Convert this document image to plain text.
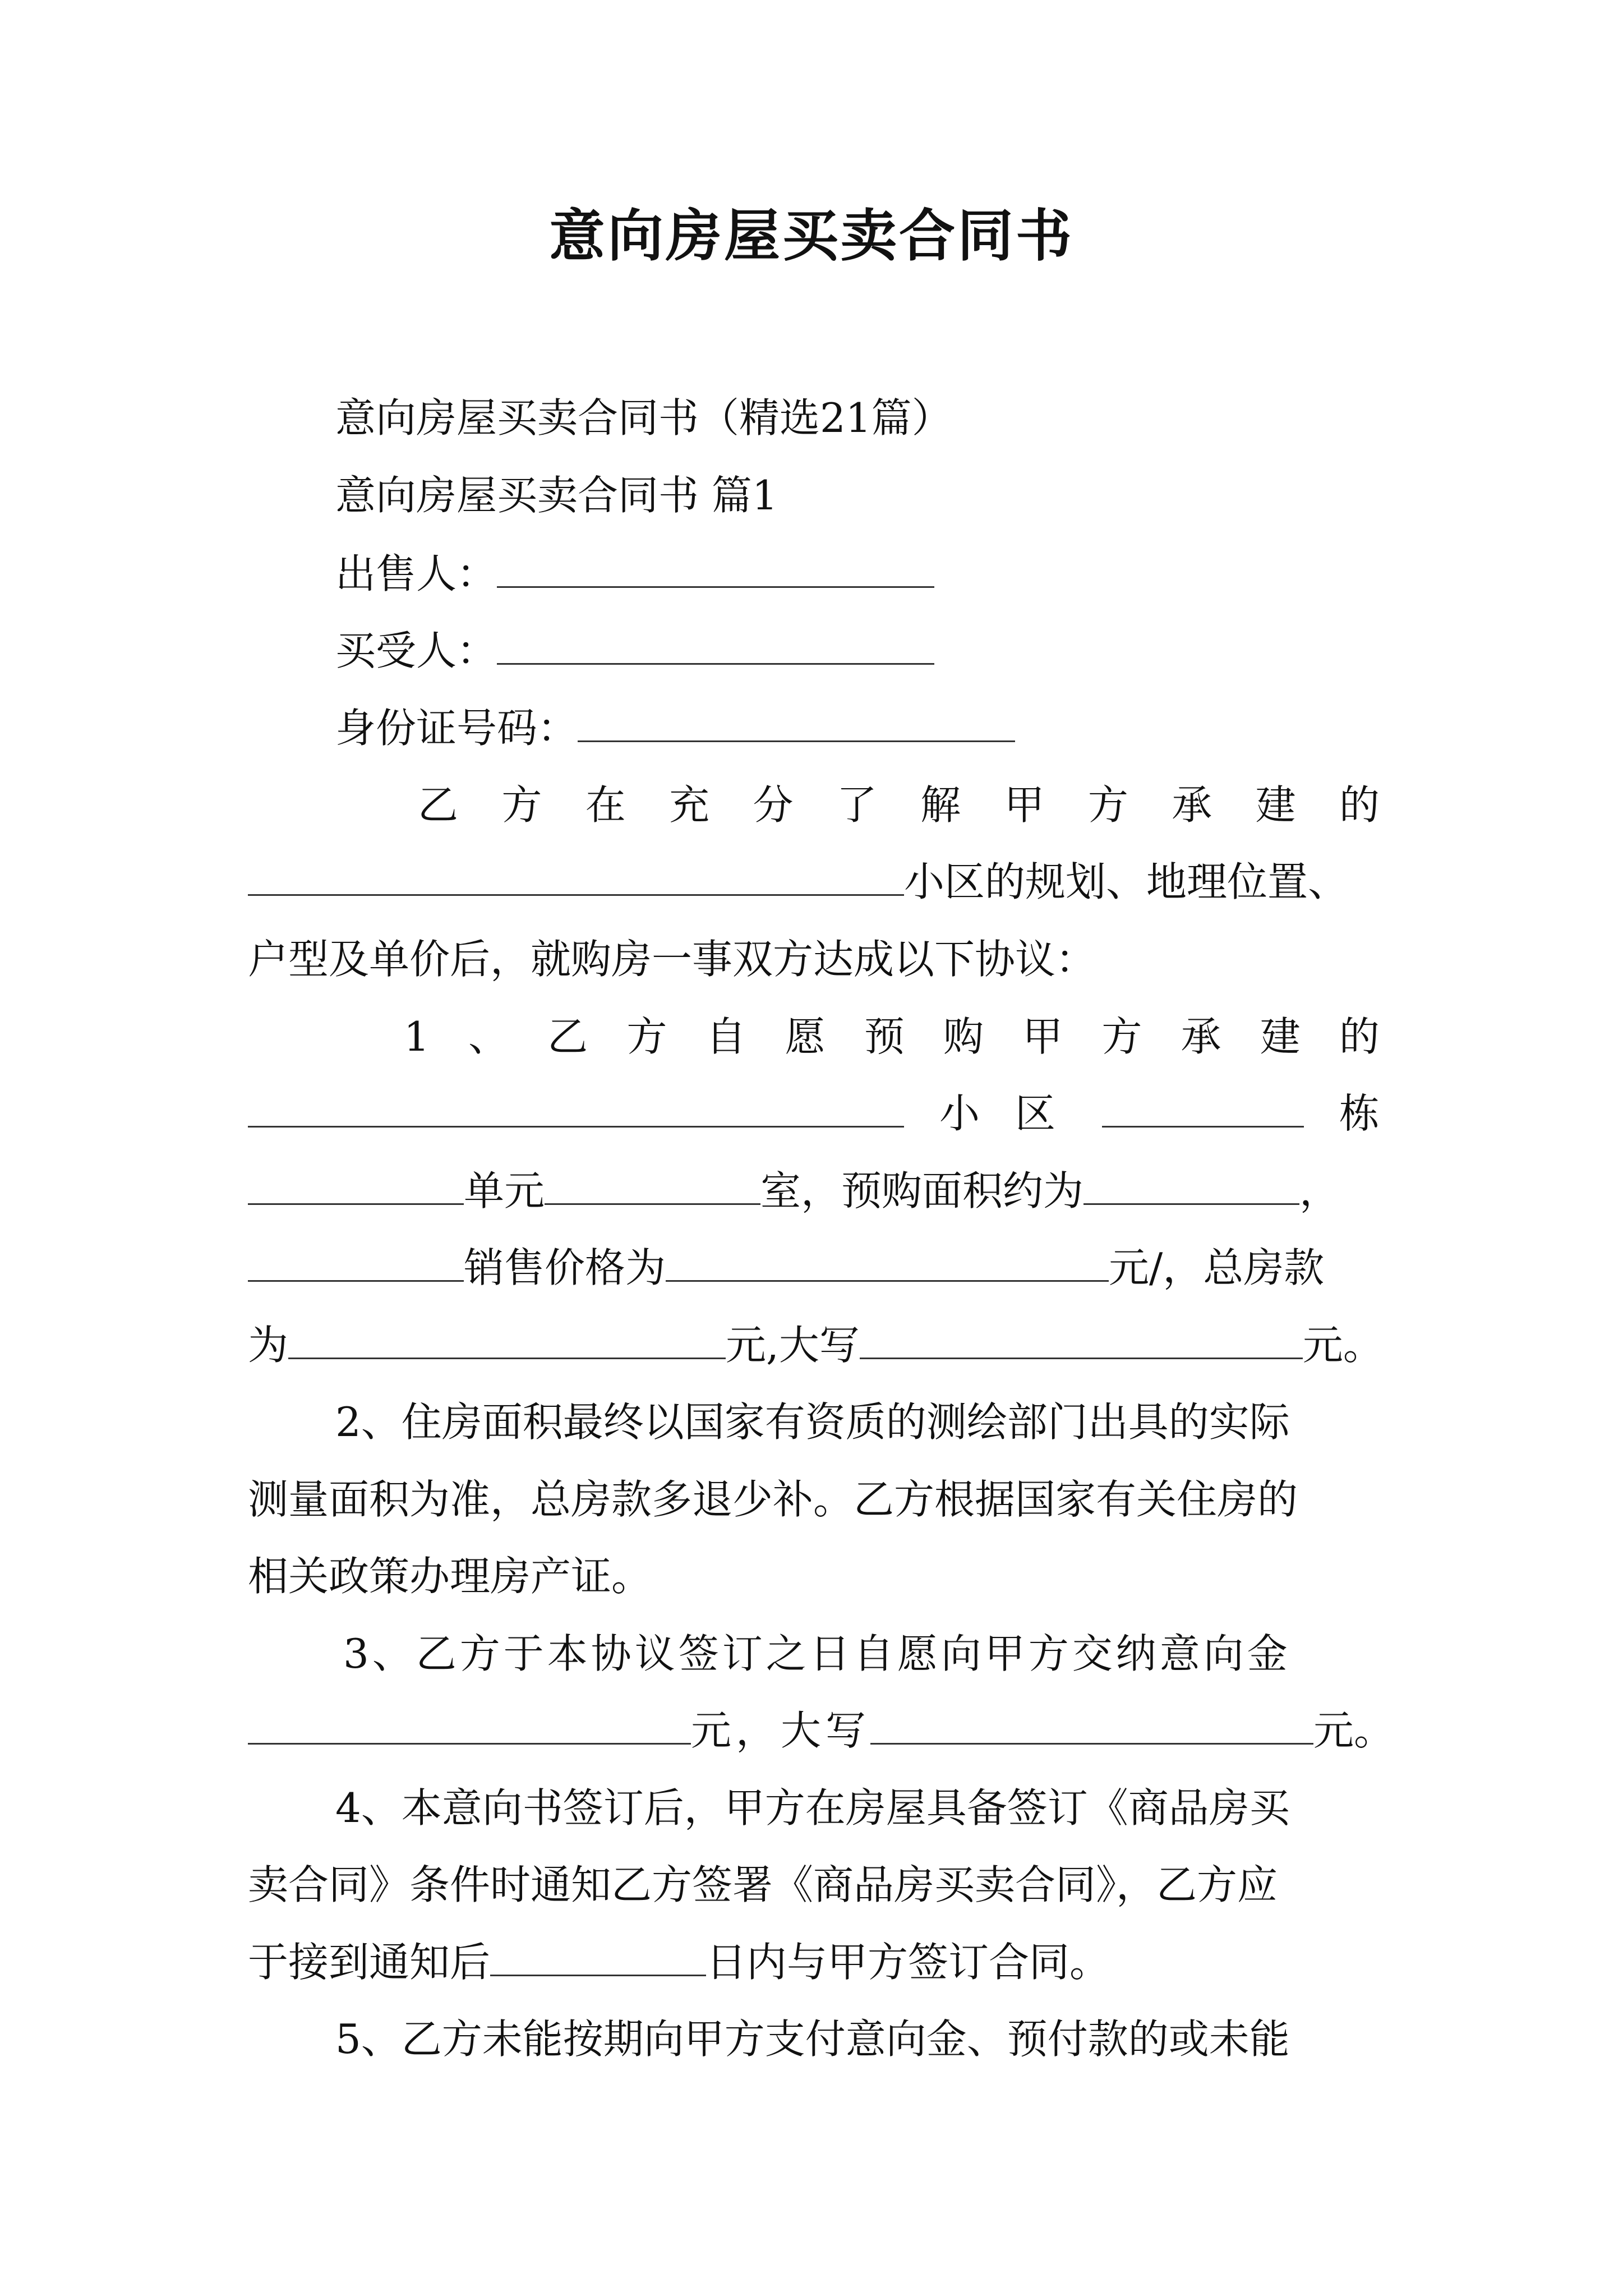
意向房屋买卖合同书
意向房屋买卖合同书（精选21篇）
意向房屋买卖合同书 篇1
出售人：
买受人：
身份证号码：
乙 方 在 充 分 了 解 甲 方 承 建 的
小区的规划、地理位置、
户型及单价后，就购房一事双方达成以下协议：
1 、 乙 方 自 愿 预 购 甲 方 承 建 的
小 区	栋
单元	室，预购面积约为	，
销售价格为	元/，总房款
为	元,大写	元。
2、住房面积最终以国家有资质的测绘部门出具的实际
测量面积为准，总房款多退少补。乙方根据国家有关住房的
相关政策办理房产证。
3、乙方于本协议签订之日自愿向甲方交纳意向金
元，大写	元。
4、本意向书签订后，甲方在房屋具备签订《商品房买
卖合同》条件时通知乙方签署《商品房买卖合同》，乙方应
于接到通知后	日内与甲方签订合同。
5、乙方未能按期向甲方支付意向金、预付款的或未能
